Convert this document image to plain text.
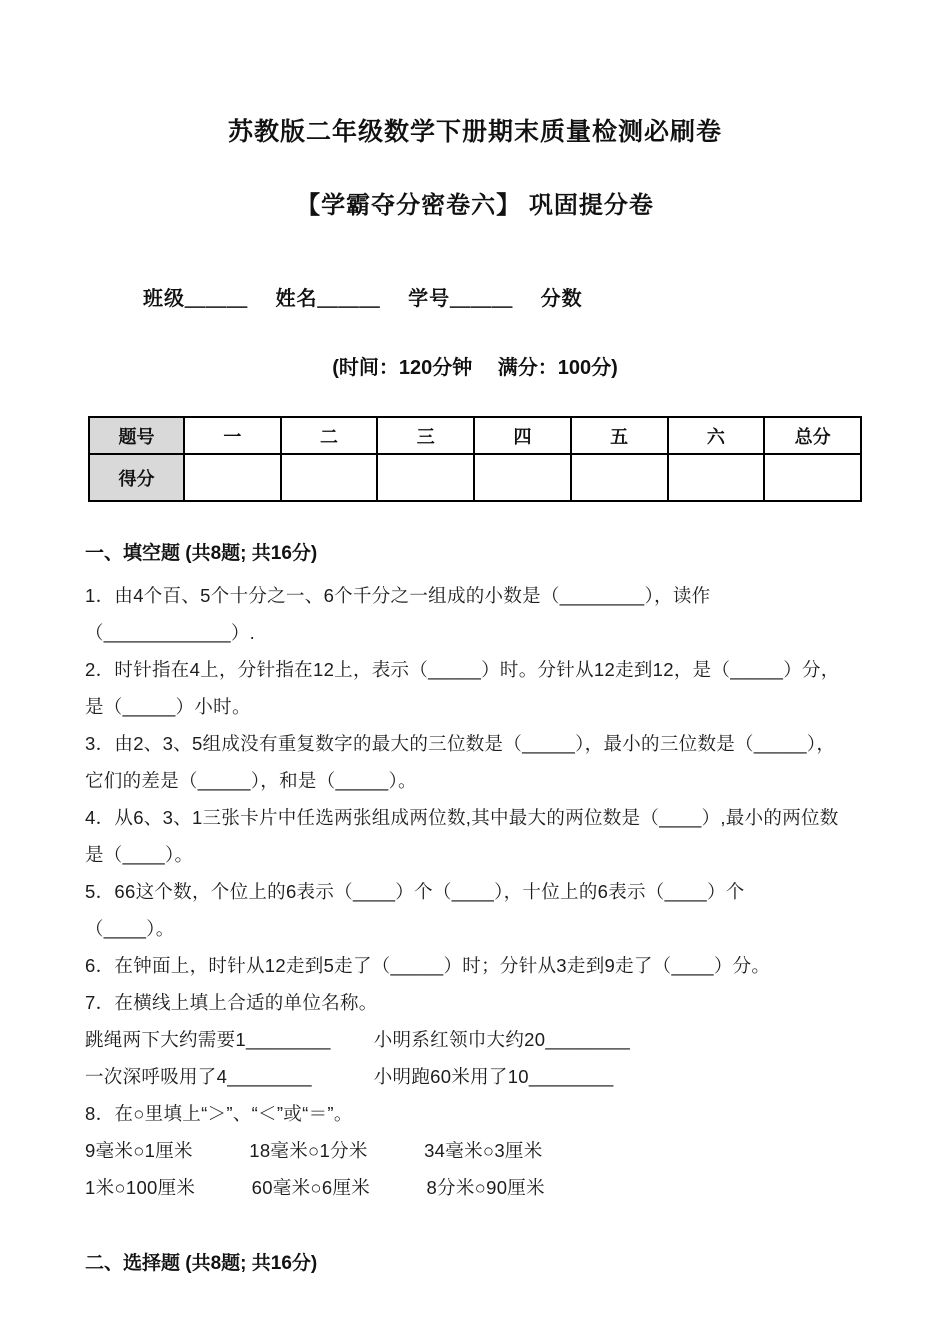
苏教版二年级数学下册期末质量检测必刷卷
【学霸夺分密卷六】 巩固提分卷
班级＿＿＿　 姓名＿＿＿　 学号＿＿＿　 分数
(时间：120分钟　 满分：100分)
题号	一	二	三	四	五	六	总分
得分							
一、填空题 (共8题; 共16分)
1．由4个百、5个十分之一、6个千分之一组成的小数是（________），读作
（____________）.
2．时针指在4上，分针指在12上，表示（_____）时。分针从12走到12，是（_____）分，
是（_____）小时。
3．由2、3、5组成没有重复数字的最大的三位数是（_____），最小的三位数是（_____），
它们的差是（_____），和是（_____）。
4．从6、3、1三张卡片中任选两张组成两位数,其中最大的两位数是（____）,最小的两位数
是（____）。
5．66这个数，个位上的6表示（____）个（____），十位上的6表示（____）个
（____）。
6．在钟面上，时针从12走到5走了（_____）时；分针从3走到9走了（____）分。
7．在横线上填上合适的单位名称。
跳绳两下大约需要1________　　 小明系红领巾大约20________
一次深呼吸用了4________　　　 小明跑60米用了10________
8．在○里填上“＞”、“＜”或“＝”。
9毫米○1厘米　　　18毫米○1分米　　　34毫米○3厘米
1米○100厘米　　　60毫米○6厘米　　　8分米○90厘米
二、选择题 (共8题; 共16分)
